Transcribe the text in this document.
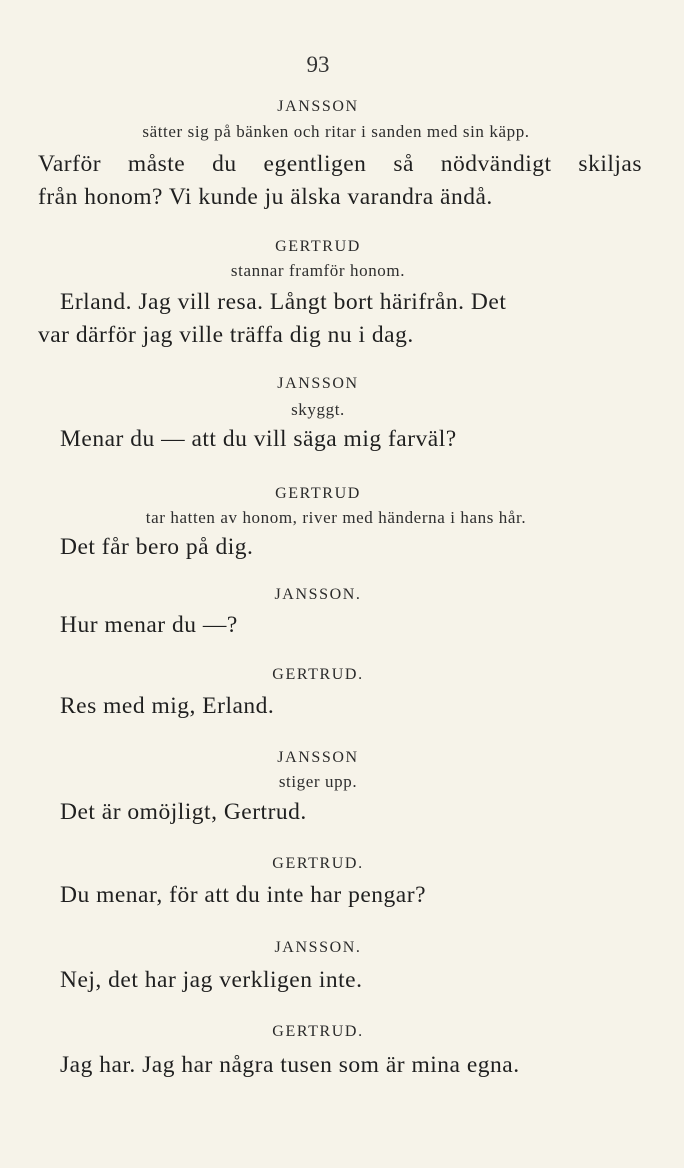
93
JANSSON
sätter sig på bänken och ritar i sanden med sin käpp.
Varför måste du egentligen så nödvändigt skiljas
från honom? Vi kunde ju älska varandra ändå.
GERTRUD
stannar framför honom.
Erland. Jag vill resa. Långt bort härifrån. Det
var därför jag ville träffa dig nu i dag.
JANSSON
skyggt.
Menar du — att du vill säga mig farväl?
GERTRUD
tar hatten av honom, river med händerna i hans hår.
Det får bero på dig.
JANSSON.
Hur menar du —?
GERTRUD.
Res med mig, Erland.
JANSSON
stiger upp.
Det är omöjligt, Gertrud.
GERTRUD.
Du menar, för att du inte har pengar?
JANSSON.
Nej, det har jag verkligen inte.
GERTRUD.
Jag har. Jag har några tusen som är mina egna.
